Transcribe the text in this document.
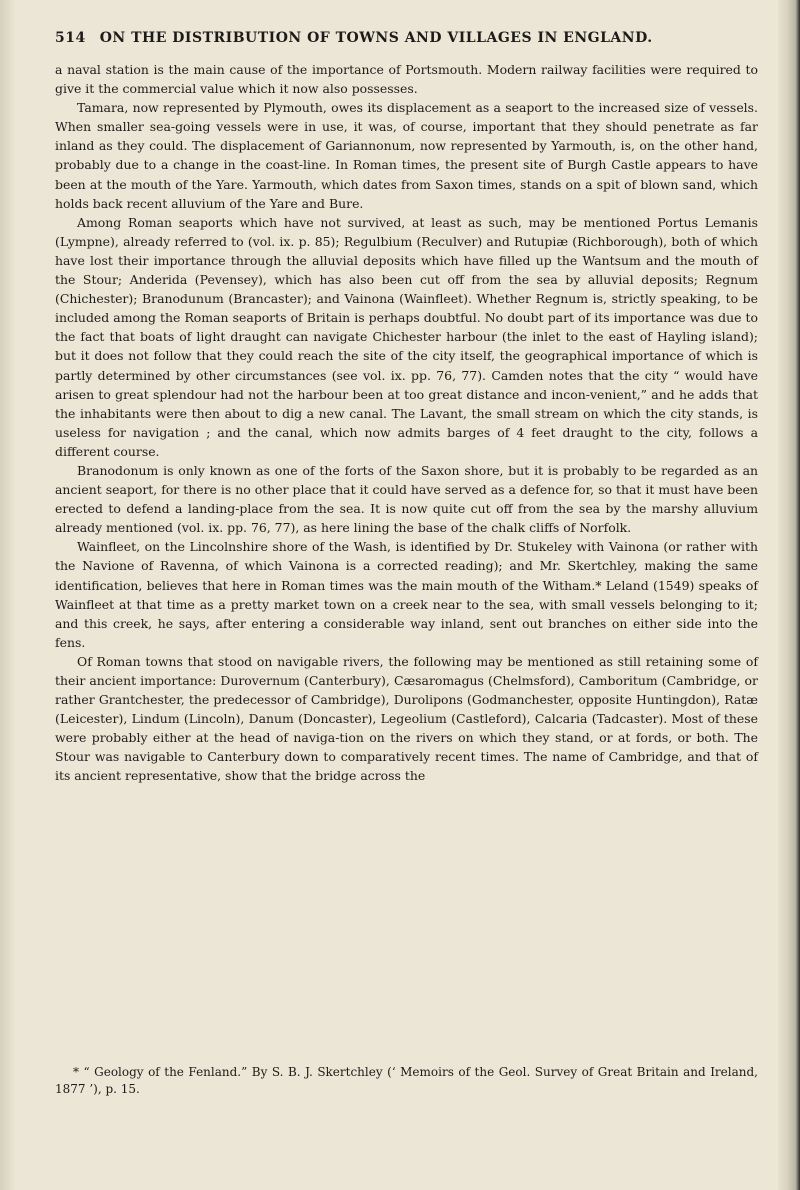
514 ON THE DISTRIBUTION OF TOWNS AND VILLAGES IN ENGLAND.

a naval station is the main cause of the importance of Portsmouth. Modern railway facilities were required to give it the commercial value which it now also possesses.

Tamara, now represented by Plymouth, owes its displacement as a seaport to the increased size of vessels. When smaller sea-going vessels were in use, it was, of course, important that they should penetrate as far inland as they could. The displacement of Gariannonum, now represented by Yarmouth, is, on the other hand, probably due to a change in the coast-line. In Roman times, the present site of Burgh Castle appears to have been at the mouth of the Yare. Yarmouth, which dates from Saxon times, stands on a spit of blown sand, which holds back recent alluvium of the Yare and Bure.

Among Roman seaports which have not survived, at least as such, may be mentioned Portus Lemanis (Lympne), already referred to (vol. ix. p. 85); Regulbium (Reculver) and Rutupiæ (Richborough), both of which have lost their importance through the alluvial deposits which have filled up the Wantsum and the mouth of the Stour; Anderida (Pevensey), which has also been cut off from the sea by alluvial deposits; Regnum (Chichester); Branodunum (Brancaster); and Vainona (Wainfleet). Whether Regnum is, strictly speaking, to be included among the Roman seaports of Britain is perhaps doubtful. No doubt part of its importance was due to the fact that boats of light draught can navigate Chichester harbour (the inlet to the east of Hayling island); but it does not follow that they could reach the site of the city itself, the geographical importance of which is partly determined by other circumstances (see vol. ix. pp. 76, 77). Camden notes that the city “ would have arisen to great splendour had not the harbour been at too great distance and incon-venient,” and he adds that the inhabitants were then about to dig a new canal. The Lavant, the small stream on which the city stands, is useless for navigation ; and the canal, which now admits barges of 4 feet draught to the city, follows a different course.

Branodonum is only known as one of the forts of the Saxon shore, but it is probably to be regarded as an ancient seaport, for there is no other place that it could have served as a defence for, so that it must have been erected to defend a landing-place from the sea. It is now quite cut off from the sea by the marshy alluvium already mentioned (vol. ix. pp. 76, 77), as here lining the base of the chalk cliffs of Norfolk.

Wainfleet, on the Lincolnshire shore of the Wash, is identified by Dr. Stukeley with Vainona (or rather with the Navione of Ravenna, of which Vainona is a corrected reading); and Mr. Skertchley, making the same identification, believes that here in Roman times was the main mouth of the Witham.* Leland (1549) speaks of Wainfleet at that time as a pretty market town on a creek near to the sea, with small vessels belonging to it; and this creek, he says, after entering a considerable way inland, sent out branches on either side into the fens.

Of Roman towns that stood on navigable rivers, the following may be mentioned as still retaining some of their ancient importance: Durovernum (Canterbury), Cæsaromagus (Chelmsford), Camboritum (Cambridge, or rather Grantchester, the predecessor of Cambridge), Durolipons (Godmanchester, opposite Huntingdon), Ratæ (Leicester), Lindum (Lincoln), Danum (Doncaster), Legeolium (Castleford), Calcaria (Tadcaster). Most of these were probably either at the head of naviga-tion on the rivers on which they stand, or at fords, or both. The Stour was navigable to Canterbury down to comparatively recent times. The name of Cambridge, and that of its ancient representative, show that the bridge across the

* “ Geology of the Fenland.” By S. B. J. Skertchley (‘ Memoirs of the Geol. Survey of Great Britain and Ireland, 1877 ’), p. 15.
